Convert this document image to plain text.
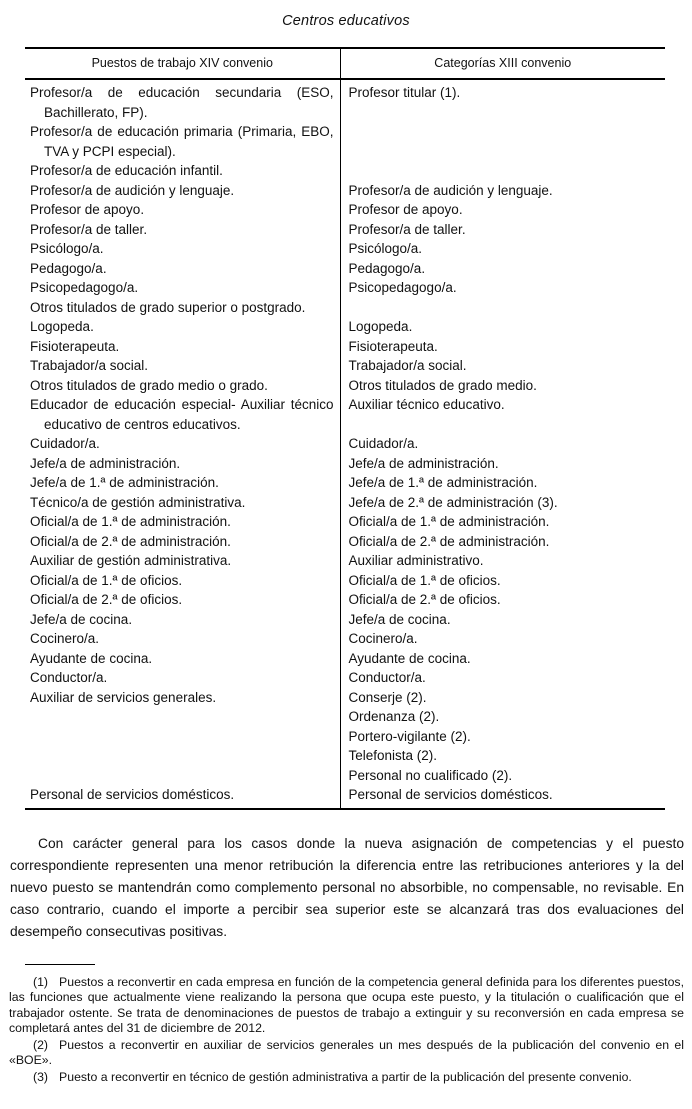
Centros educativos
Puestos de trabajo XIV convenio	Categorías XIII convenio
Profesor/a de educación secundaria (ESO, Bachillerato, FP).	Profesor titular (1).
Profesor/a de educación primaria (Primaria, EBO, TVA y PCPI especial).	
Profesor/a de educación infantil.	
Profesor/a de audición y lenguaje.	Profesor/a de audición y lenguaje.
Profesor de apoyo.	Profesor de apoyo.
Profesor/a de taller.	Profesor/a de taller.
Psicólogo/a.	Psicólogo/a.
Pedagogo/a.	Pedagogo/a.
Psicopedagogo/a.	Psicopedagogo/a.
Otros titulados de grado superior o postgrado.	
Logopeda.	Logopeda.
Fisioterapeuta.	Fisioterapeuta.
Trabajador/a social.	Trabajador/a social.
Otros titulados de grado medio o grado.	Otros titulados de grado medio.
Educador de educación especial- Auxiliar técnico educativo de centros educativos.	Auxiliar técnico educativo.
Cuidador/a.	Cuidador/a.
Jefe/a de administración.	Jefe/a de administración.
Jefe/a de 1.ª de administración.	Jefe/a de 1.ª de administración.
Técnico/a de gestión administrativa.	Jefe/a de 2.ª de administración (3).
Oficial/a de 1.ª de administración.	Oficial/a de 1.ª de administración.
Oficial/a de 2.ª de administración.	Oficial/a de 2.ª de administración.
Auxiliar de gestión administrativa.	Auxiliar administrativo.
Oficial/a de 1.ª de oficios.	Oficial/a de 1.ª de oficios.
Oficial/a de 2.ª de oficios.	Oficial/a de 2.ª de oficios.
Jefe/a de cocina.	Jefe/a de cocina.
Cocinero/a.	Cocinero/a.
Ayudante de cocina.	Ayudante de cocina.
Conductor/a.	Conductor/a.
Auxiliar de servicios generales.	Conserje (2).
	Ordenanza (2).
	Portero-vigilante (2).
	Telefonista (2).
	Personal no cualificado (2).
Personal de servicios domésticos.	Personal de servicios domésticos.

Con carácter general para los casos donde la nueva asignación de competencias y el puesto correspondiente representen una menor retribución la diferencia entre las retribuciones anteriores y la del nuevo puesto se mantendrán como complemento personal no absorbible, no compensable, no revisable. En caso contrario, cuando el importe a percibir sea superior este se alcanzará tras dos evaluaciones del desempeño consecutivas positivas.

(1) Puestos a reconvertir en cada empresa en función de la competencia general definida para los diferentes puestos, las funciones que actualmente viene realizando la persona que ocupa este puesto, y la titulación o cualificación que el trabajador ostente. Se trata de denominaciones de puestos de trabajo a extinguir y su reconversión en cada empresa se completará antes del 31 de diciembre de 2012.

(2) Puestos a reconvertir en auxiliar de servicios generales un mes después de la publicación del convenio en el «BOE».

(3) Puesto a reconvertir en técnico de gestión administrativa a partir de la publicación del presente convenio.
